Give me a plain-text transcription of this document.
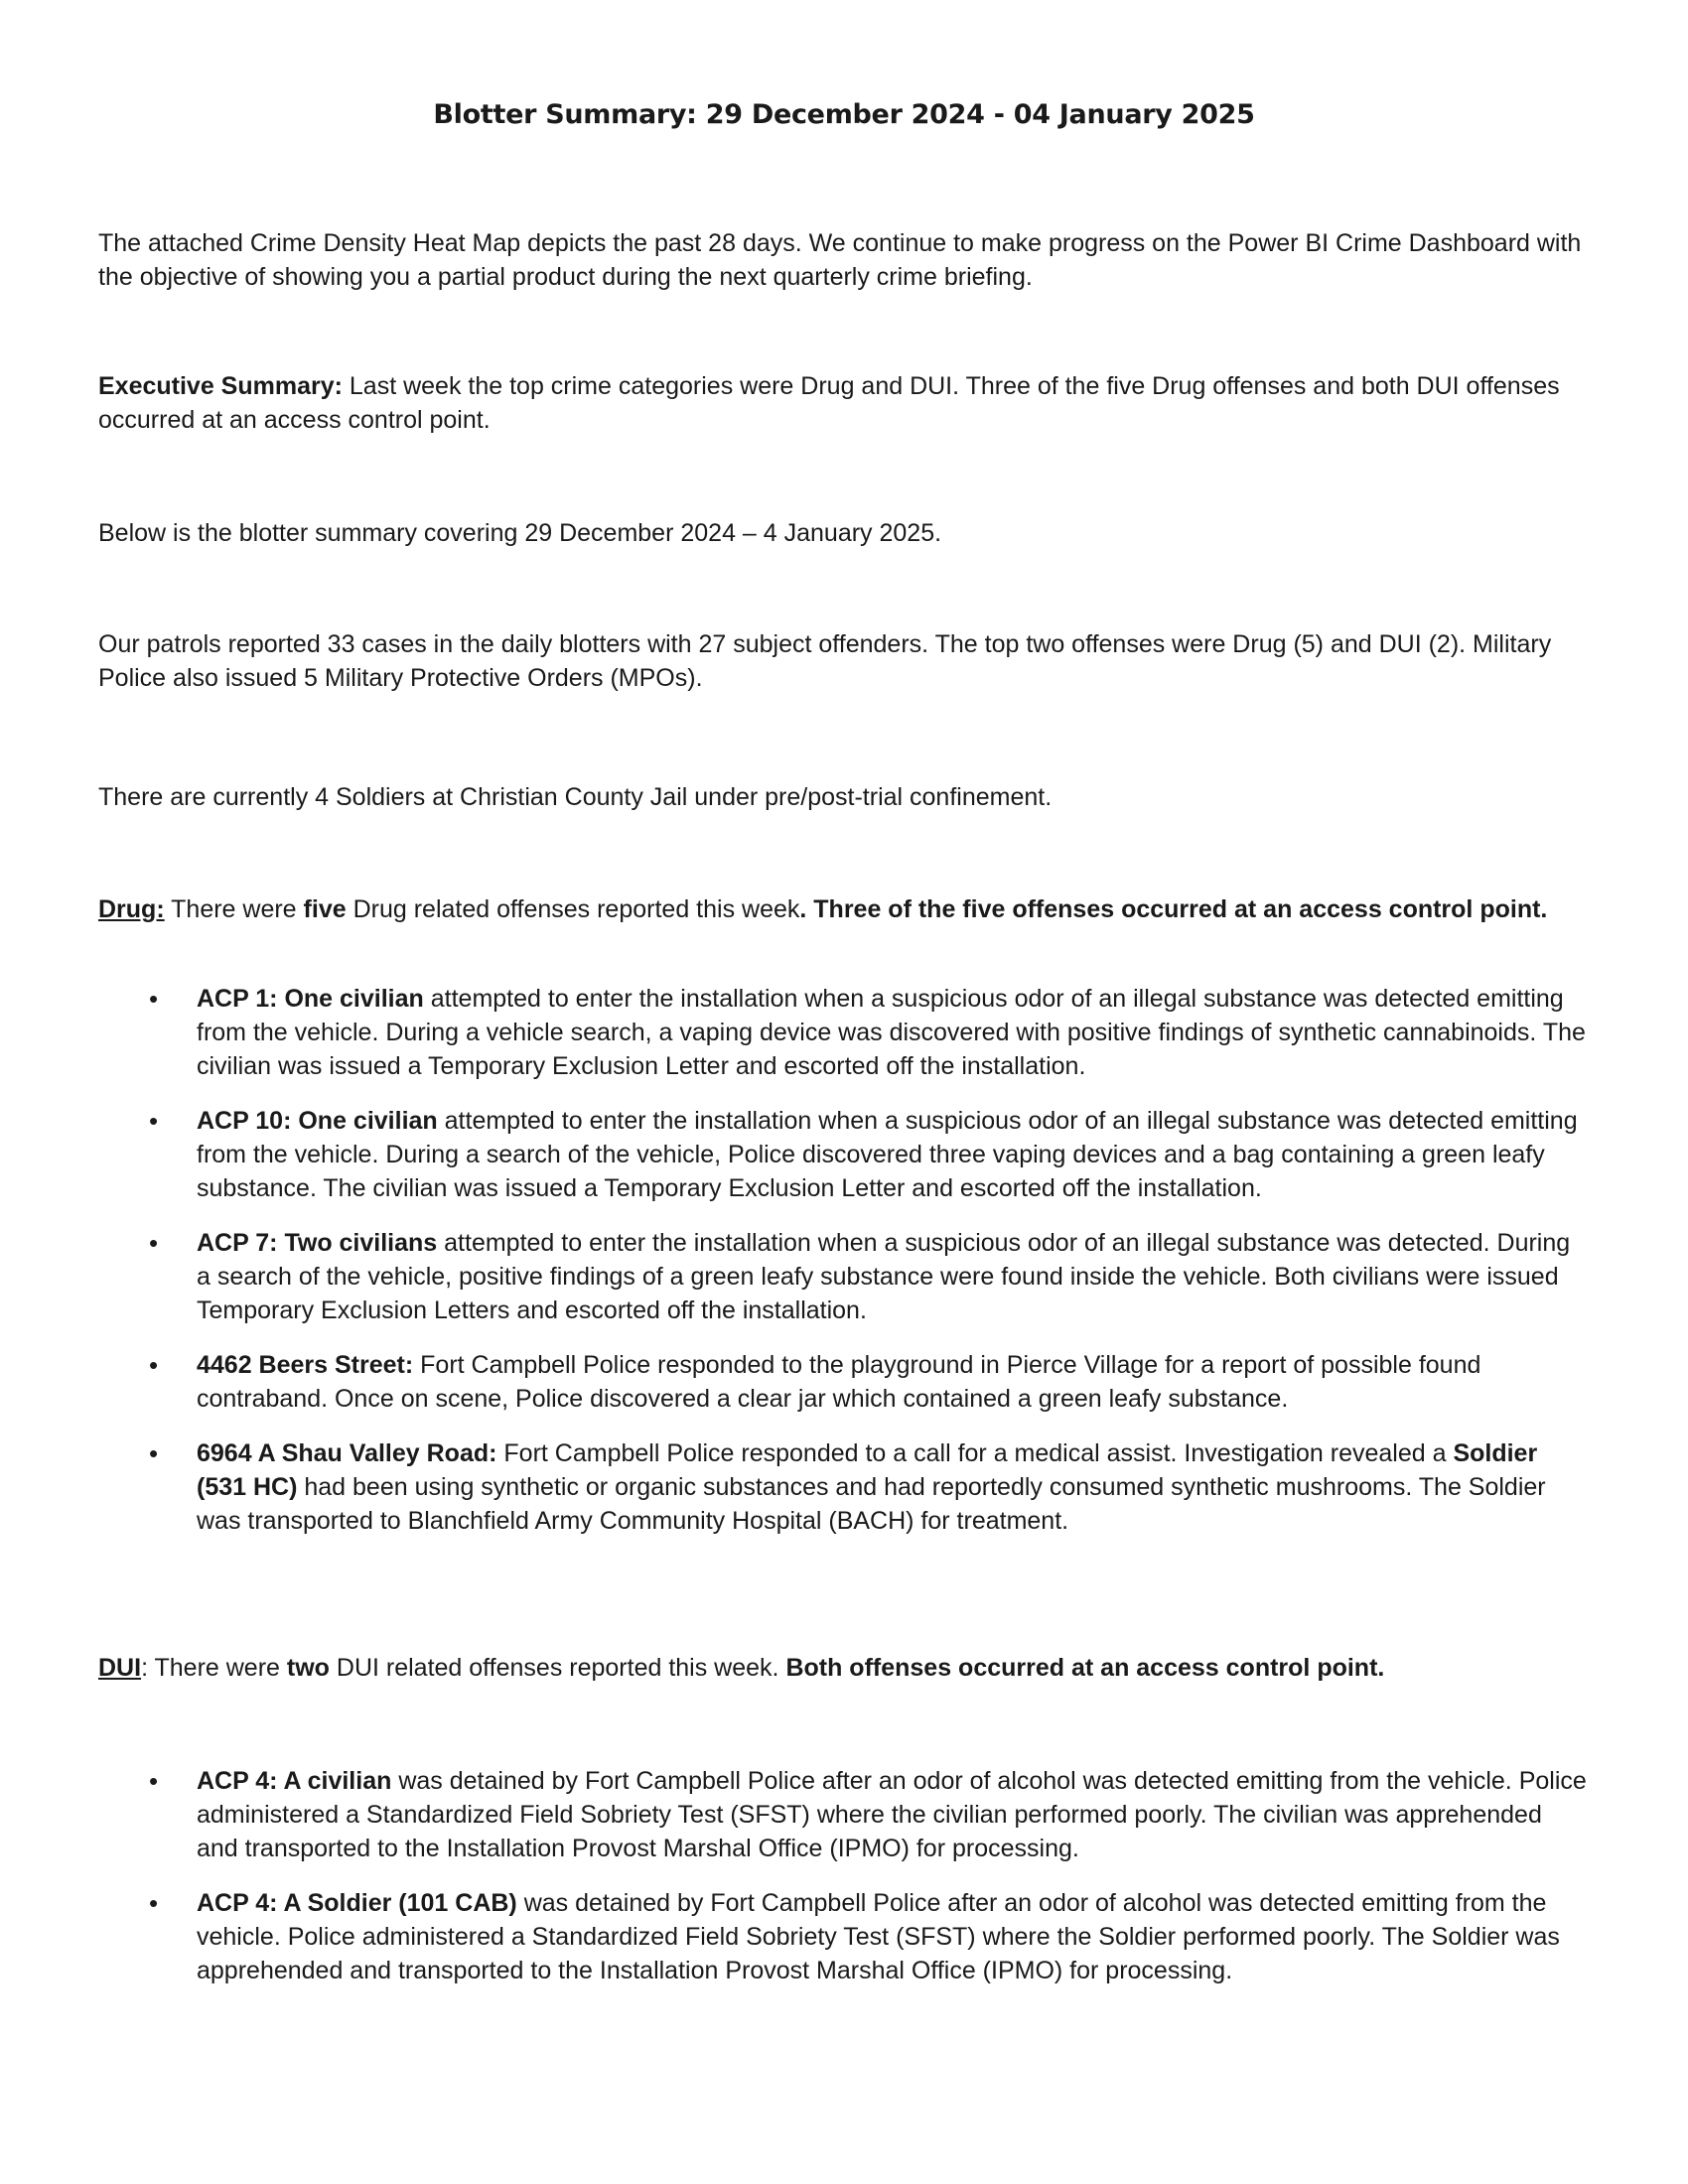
Blotter Summary: 29 December 2024 - 04 January 2025
The attached Crime Density Heat Map depicts the past 28 days. We continue to make progress on the Power BI Crime Dashboard with the objective of showing you a partial product during the next quarterly crime briefing.
Executive Summary: Last week the top crime categories were Drug and DUI. Three of the five Drug offenses and both DUI offenses occurred at an access control point.
Below is the blotter summary covering 29 December 2024 – 4 January 2025.
Our patrols reported 33 cases in the daily blotters with 27 subject offenders. The top two offenses were Drug (5) and DUI (2). Military Police also issued 5 Military Protective Orders (MPOs).
There are currently 4 Soldiers at Christian County Jail under pre/post-trial confinement.
Drug: There were five Drug related offenses reported this week. Three of the five offenses occurred at an access control point.
• ACP 1: One civilian attempted to enter the installation when a suspicious odor of an illegal substance was detected emitting from the vehicle. During a vehicle search, a vaping device was discovered with positive findings of synthetic cannabinoids. The civilian was issued a Temporary Exclusion Letter and escorted off the installation.
• ACP 10: One civilian attempted to enter the installation when a suspicious odor of an illegal substance was detected emitting from the vehicle. During a search of the vehicle, Police discovered three vaping devices and a bag containing a green leafy substance. The civilian was issued a Temporary Exclusion Letter and escorted off the installation.
• ACP 7: Two civilians attempted to enter the installation when a suspicious odor of an illegal substance was detected. During a search of the vehicle, positive findings of a green leafy substance were found inside the vehicle. Both civilians were issued Temporary Exclusion Letters and escorted off the installation.
• 4462 Beers Street: Fort Campbell Police responded to the playground in Pierce Village for a report of possible found contraband. Once on scene, Police discovered a clear jar which contained a green leafy substance.
• 6964 A Shau Valley Road: Fort Campbell Police responded to a call for a medical assist. Investigation revealed a Soldier (531 HC) had been using synthetic or organic substances and had reportedly consumed synthetic mushrooms. The Soldier was transported to Blanchfield Army Community Hospital (BACH) for treatment.
DUI: There were two DUI related offenses reported this week. Both offenses occurred at an access control point.
• ACP 4: A civilian was detained by Fort Campbell Police after an odor of alcohol was detected emitting from the vehicle. Police administered a Standardized Field Sobriety Test (SFST) where the civilian performed poorly. The civilian was apprehended and transported to the Installation Provost Marshal Office (IPMO) for processing.
• ACP 4: A Soldier (101 CAB) was detained by Fort Campbell Police after an odor of alcohol was detected emitting from the vehicle. Police administered a Standardized Field Sobriety Test (SFST) where the Soldier performed poorly. The Soldier was apprehended and transported to the Installation Provost Marshal Office (IPMO) for processing.
